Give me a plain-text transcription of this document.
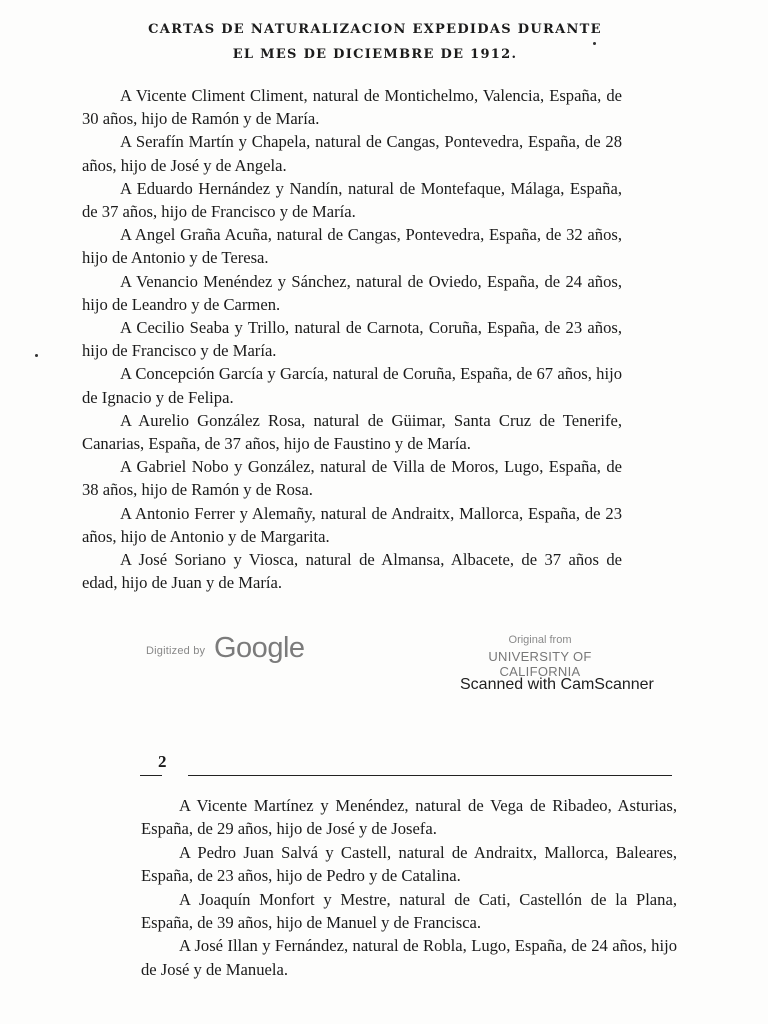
CARTAS DE NATURALIZACION EXPEDIDAS DURANTE
EL MES DE DICIEMBRE DE 1912.

A Vicente Climent Climent, natural de Montichelmo, Valencia, España, de 30 años, hijo de Ramón y de María.

A Serafín Martín y Chapela, natural de Cangas, Pontevedra, España, de 28 años, hijo de José y de Angela.

A Eduardo Hernández y Nandín, natural de Montefaque, Málaga, España, de 37 años, hijo de Francisco y de María.

A Angel Graña Acuña, natural de Cangas, Pontevedra, España, de 32 años, hijo de Antonio y de Teresa.

A Venancio Menéndez y Sánchez, natural de Oviedo, España, de 24 años, hijo de Leandro y de Carmen.

A Cecilio Seaba y Trillo, natural de Carnota, Coruña, España, de 23 años, hijo de Francisco y de María.

A Concepción García y García, natural de Coruña, España, de 67 años, hijo de Ignacio y de Felipa.

A Aurelio González Rosa, natural de Güimar, Santa Cruz de Tenerife, Canarias, España, de 37 años, hijo de Faustino y de María.

A Gabriel Nobo y González, natural de Villa de Moros, Lugo, España, de 38 años, hijo de Ramón y de Rosa.

A Antonio Ferrer y Alemañy, natural de Andraitx, Mallorca, España, de 23 años, hijo de Antonio y de Margarita.

A José Soriano y Viosca, natural de Almansa, Albacete, de 37 años de edad, hijo de Juan y de María.

Digitized by Google	Original from
UNIVERSITY OF CALIFORNIA
Scanned with CamScanner
2

A Vicente Martínez y Menéndez, natural de Vega de Ribadeo, Asturias, España, de 29 años, hijo de José y de Josefa.

A Pedro Juan Salvá y Castell, natural de Andraitx, Mallorca, Baleares, España, de 23 años, hijo de Pedro y de Catalina.

A Joaquín Monfort y Mestre, natural de Cati, Castellón de la Plana, España, de 39 años, hijo de Manuel y de Francisca.

A José Illan y Fernández, natural de Robla, Lugo, España, de 24 años, hijo de José y de Manuela.
